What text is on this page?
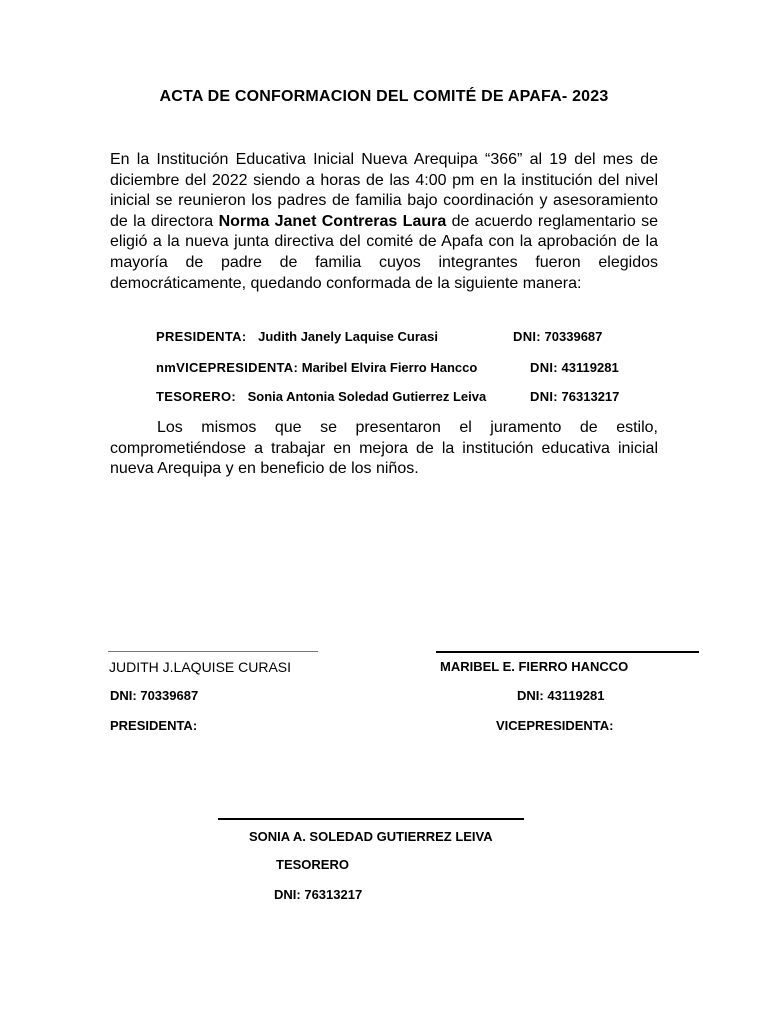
ACTA DE CONFORMACION DEL COMITÉ DE APAFA- 2023
En la Institución Educativa Inicial Nueva Arequipa “366” al 19 del mes de diciembre del 2022 siendo a horas de las 4:00 pm en la institución del nivel inicial se reunieron los padres de familia bajo coordinación y asesoramiento de la directora Norma Janet Contreras Laura de acuerdo reglamentario se eligió a la nueva junta directiva del comité de Apafa con la aprobación de la mayoría de padre de familia cuyos integrantes fueron elegidos democráticamente, quedando conformada de la siguiente manera:
PRESIDENTA: Judith Janely Laquise Curasi	DNI: 70339687
nmVICEPRESIDENTA: Maribel Elvira Fierro Hancco	DNI: 43119281
TESORERO: Sonia Antonia Soledad Gutierrez Leiva	DNI: 76313217
Los mismos que se presentaron el juramento de estilo, comprometiéndose a trabajar en mejora de la institución educativa inicial nueva Arequipa y en beneficio de los niños.
JUDITH J.LAQUISE CURASI
DNI: 70339687
PRESIDENTA:
MARIBEL E. FIERRO HANCCO
DNI: 43119281
VICEPRESIDENTA:
SONIA A. SOLEDAD GUTIERREZ LEIVA
TESORERO
DNI: 76313217
